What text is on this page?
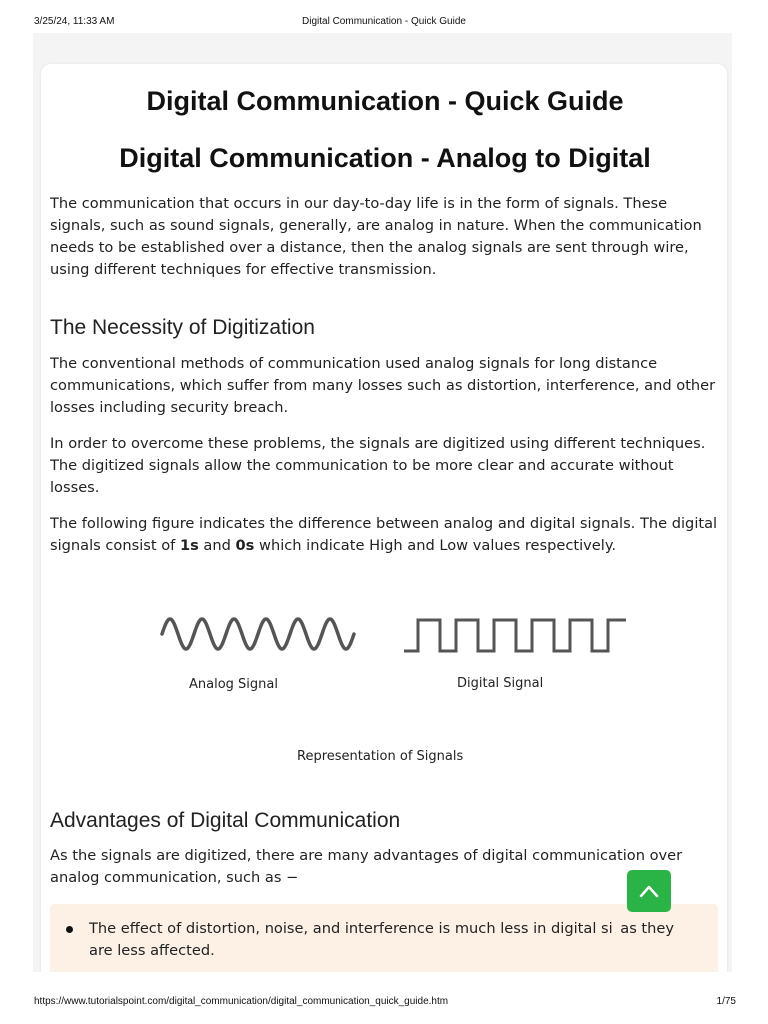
3/25/24, 11:33 AM	Digital Communication - Quick Guide
Digital Communication - Quick Guide
Digital Communication - Analog to Digital

The communication that occurs in our day-to-day life is in the form of signals. These signals, such as sound signals, generally, are analog in nature. When the communication needs to be established over a distance, then the analog signals are sent through wire, using different techniques for effective transmission.

The Necessity of Digitization

The conventional methods of communication used analog signals for long distance communications, which suffer from many losses such as distortion, interference, and other losses including security breach.

In order to overcome these problems, the signals are digitized using different techniques. The digitized signals allow the communication to be more clear and accurate without losses.

The following figure indicates the difference between analog and digital signals. The digital signals consist of 1s and 0s which indicate High and Low values respectively.

Analog Signal	Digital Signal
Representation of Signals
Advantages of Digital Communication

As the signals are digitized, there are many advantages of digital communication over analog communication, such as −

The effect of distortion, noise, and interference is much less in digital si  as they are less affected.
https://www.tutorialspoint.com/digital_communication/digital_communication_quick_guide.htm	1/75
